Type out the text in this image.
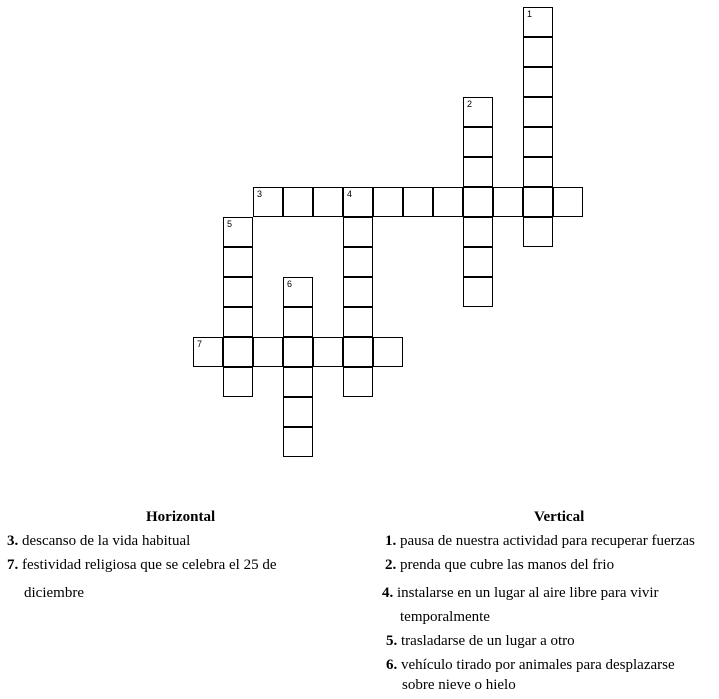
1
2
3	4
5
6
7
Horizontal
3. descanso de la vida habitual
7. festividad religiosa que se celebra el 25 de
diciembre
Vertical
1. pausa de nuestra actividad para recuperar fuerzas
2. prenda que cubre las manos del frio
4. instalarse en un lugar al aire libre para vivir
temporalmente
5. trasladarse de un lugar a otro
6. vehículo tirado por animales para desplazarse
sobre nieve o hielo
